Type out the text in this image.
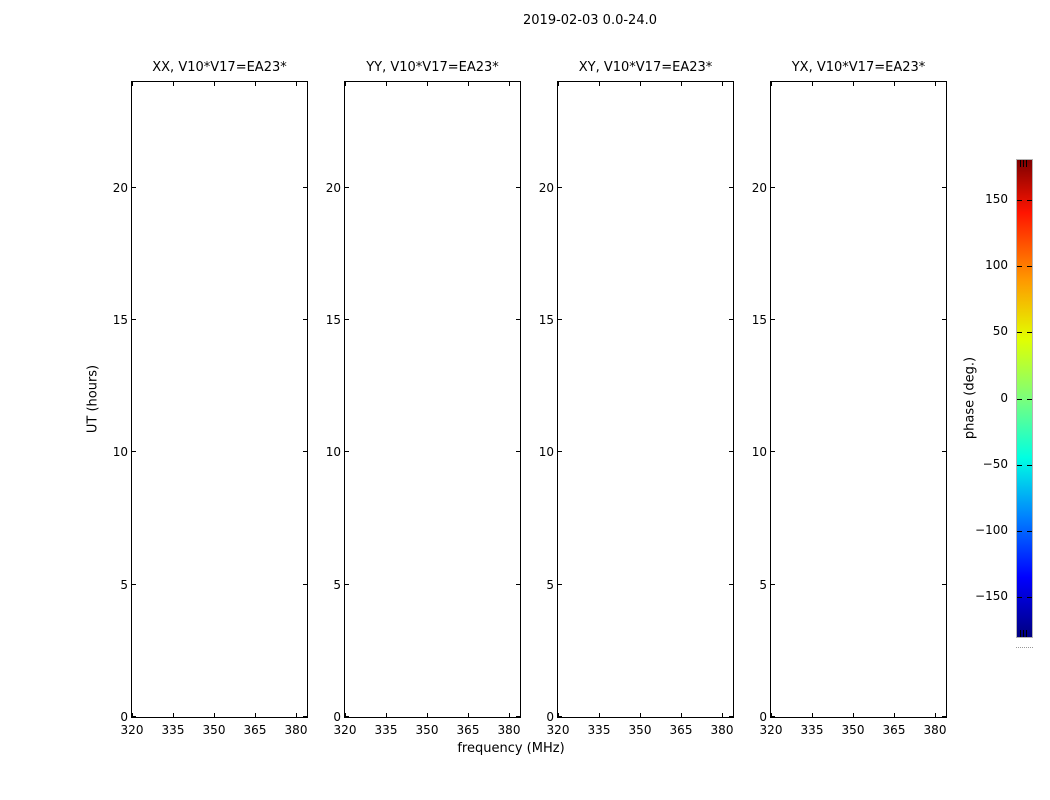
2019-02-03 0.0-24.0
XX, V10*V17=EA23*
320	335	350	365	380
0
5
10
15
20
YY, V10*V17=EA23*
320	335	350	365	380
0
5
10
15
20
XY, V10*V17=EA23*
320	335	350	365	380
0
5
10
15
20
YX, V10*V17=EA23*
320	335	350	365	380
0
5
10
15
20
frequency (MHz)
UT (hours)	phase (deg.)
150
100
50
0
−50
−100
−150
